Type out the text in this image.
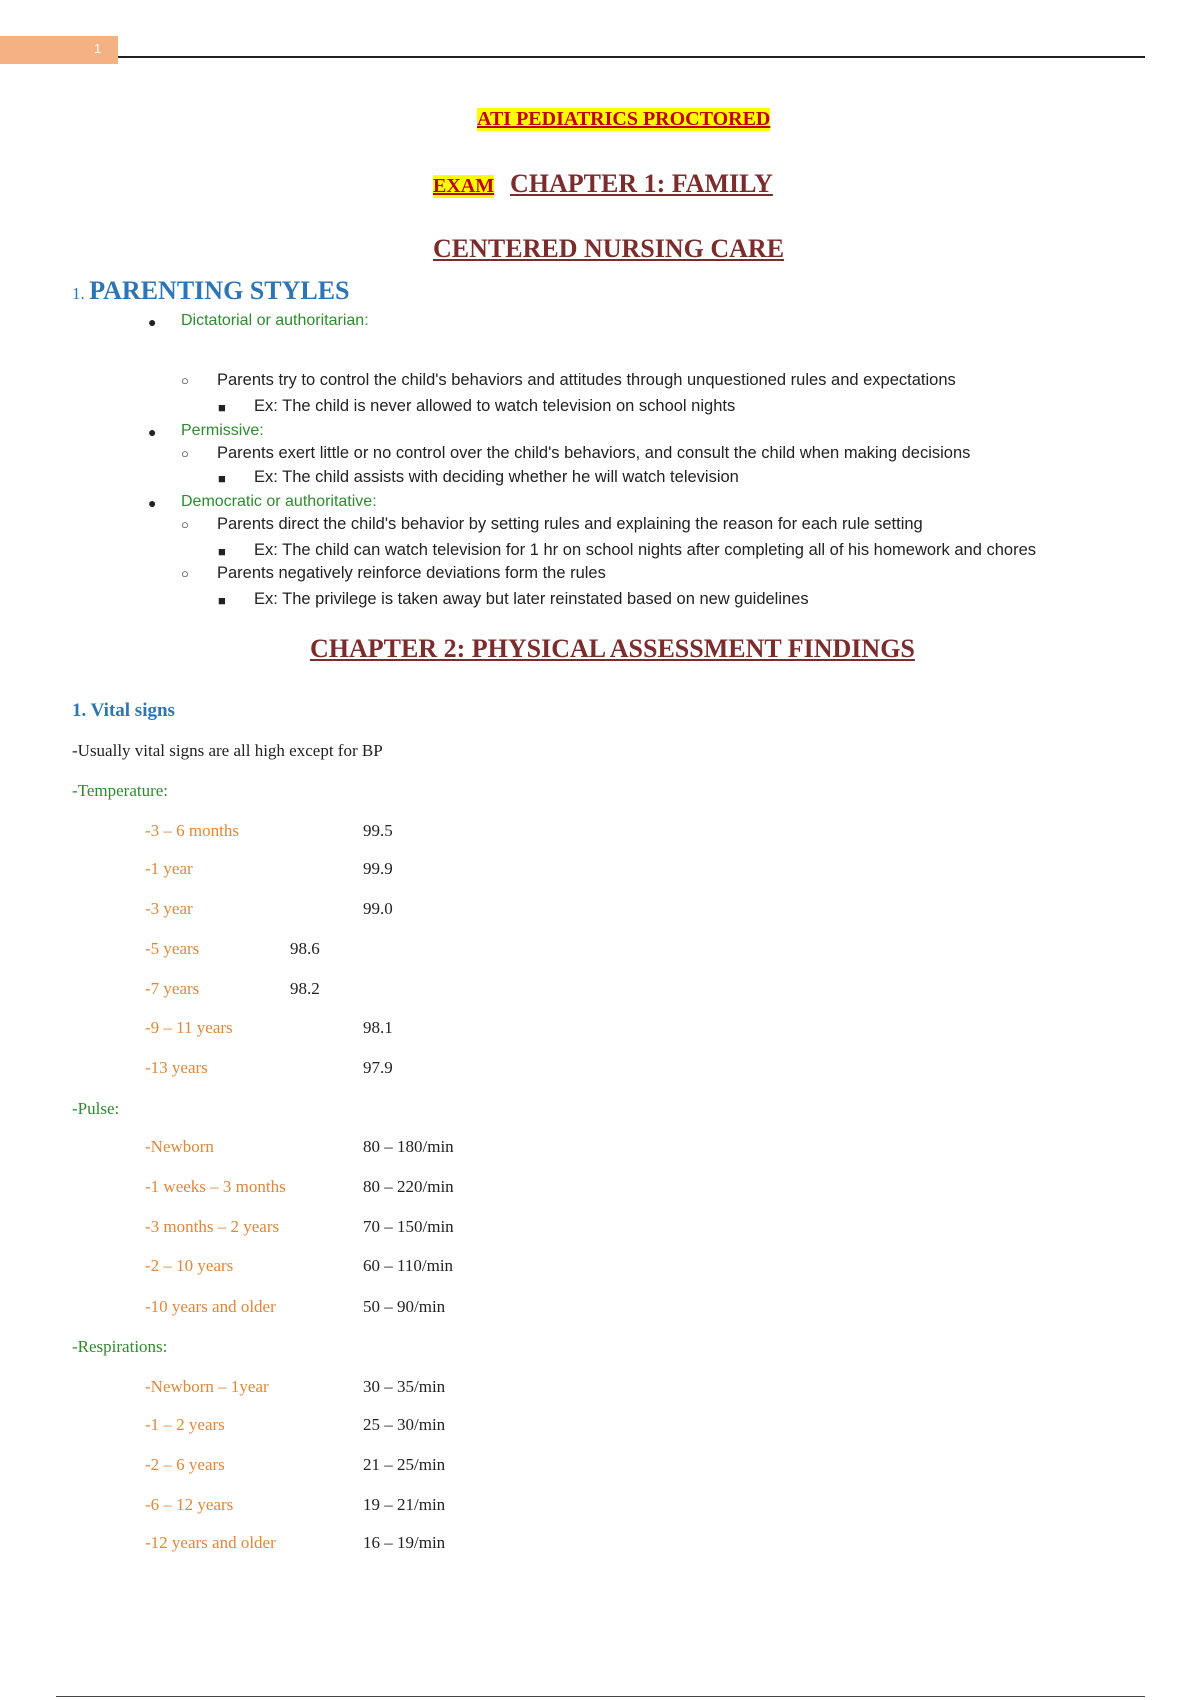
1
ATI PEDIATRICS PROCTORED
EXAM CHAPTER 1: FAMILY
CENTERED NURSING CARE
1. PARENTING STYLES
● Dictatorial or authoritarian:
○ Parents try to control the child's behaviors and attitudes through unquestioned rules and expectations
■ Ex: The child is never allowed to watch television on school nights
● Permissive:
○ Parents exert little or no control over the child's behaviors, and consult the child when making decisions
■ Ex: The child assists with deciding whether he will watch television
● Democratic or authoritative:
○ Parents direct the child's behavior by setting rules and explaining the reason for each rule setting
■ Ex: The child can watch television for 1 hr on school nights after completing all of his homework and chores
○ Parents negatively reinforce deviations form the rules
■ Ex: The privilege is taken away but later reinstated based on new guidelines
CHAPTER 2: PHYSICAL ASSESSMENT FINDINGS
1. Vital signs
-Usually vital signs are all high except for BP
-Temperature:
-3 – 6 months	99.5
-1 year	99.9
-3 year	99.0
-5 years	98.6
-7 years	98.2
-9 – 11 years	98.1
-13 years	97.9
-Pulse:
-Newborn	80 – 180/min
-1 weeks – 3 months	80 – 220/min
-3 months – 2 years	70 – 150/min
-2 – 10 years	60 – 110/min
-10 years and older	50 – 90/min
-Respirations:
-Newborn – 1year	30 – 35/min
-1 – 2 years	25 – 30/min
-2 – 6 years	21 – 25/min
-6 – 12 years	19 – 21/min
-12 years and older	16 – 19/min
